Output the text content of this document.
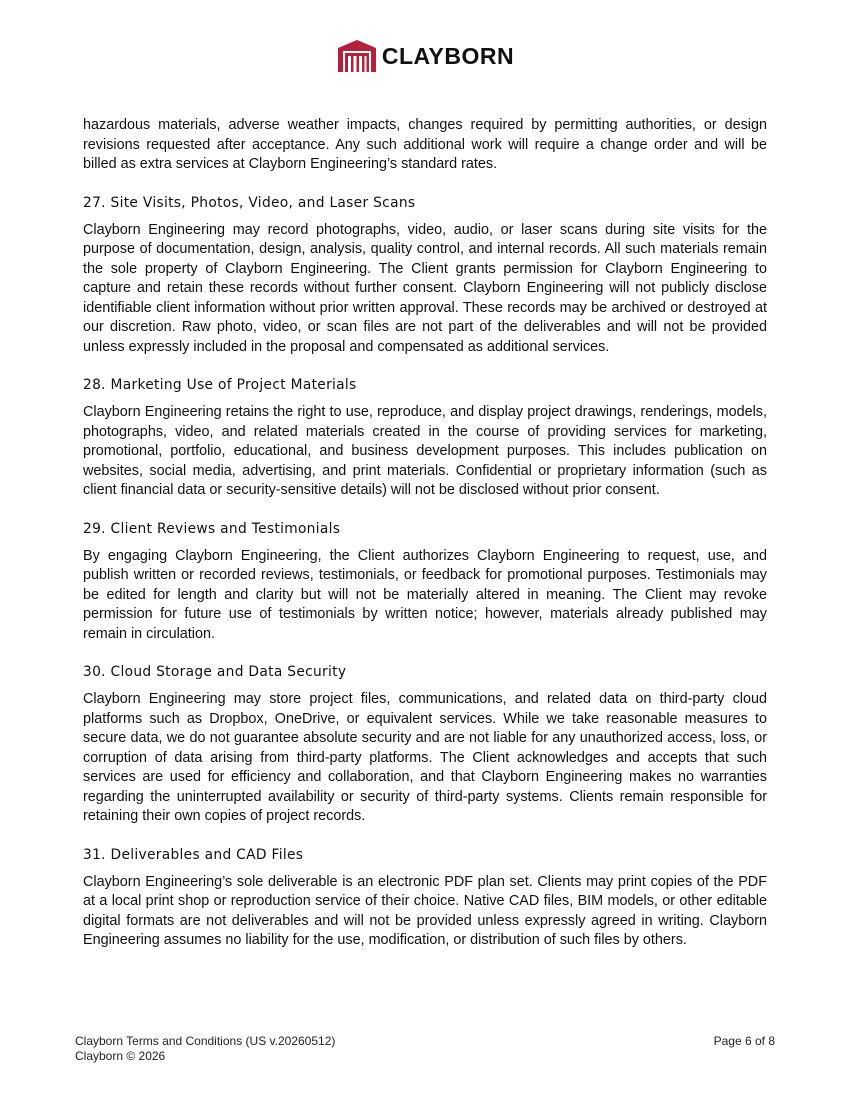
CLAYBORN

hazardous materials, adverse weather impacts, changes required by permitting authorities, or design revisions requested after acceptance. Any such additional work will require a change order and will be billed as extra services at Clayborn Engineering’s standard rates.

27. Site Visits, Photos, Video, and Laser Scans

Clayborn Engineering may record photographs, video, audio, or laser scans during site visits for the purpose of documentation, design, analysis, quality control, and internal records. All such materials remain the sole property of Clayborn Engineering. The Client grants permission for Clayborn Engineering to capture and retain these records without further consent. Clayborn Engineering will not publicly disclose identifiable client information without prior written approval. These records may be archived or destroyed at our discretion. Raw photo, video, or scan files are not part of the deliverables and will not be provided unless expressly included in the proposal and compensated as additional services.

28. Marketing Use of Project Materials

Clayborn Engineering retains the right to use, reproduce, and display project drawings, renderings, models, photographs, video, and related materials created in the course of providing services for marketing, promotional, portfolio, educational, and business development purposes. This includes publication on websites, social media, advertising, and print materials. Confidential or proprietary information (such as client financial data or security-sensitive details) will not be disclosed without prior consent.

29. Client Reviews and Testimonials

By engaging Clayborn Engineering, the Client authorizes Clayborn Engineering to request, use, and publish written or recorded reviews, testimonials, or feedback for promotional purposes. Testimonials may be edited for length and clarity but will not be materially altered in meaning. The Client may revoke permission for future use of testimonials by written notice; however, materials already published may remain in circulation.

30. Cloud Storage and Data Security

Clayborn Engineering may store project files, communications, and related data on third-party cloud platforms such as Dropbox, OneDrive, or equivalent services. While we take reasonable measures to secure data, we do not guarantee absolute security and are not liable for any unauthorized access, loss, or corruption of data arising from third-party platforms. The Client acknowledges and accepts that such services are used for efficiency and collaboration, and that Clayborn Engineering makes no warranties regarding the uninterrupted availability or security of third-party systems. Clients remain responsible for retaining their own copies of project records.

31. Deliverables and CAD Files

Clayborn Engineering’s sole deliverable is an electronic PDF plan set. Clients may print copies of the PDF at a local print shop or reproduction service of their choice. Native CAD files, BIM models, or other editable digital formats are not deliverables and will not be provided unless expressly agreed in writing. Clayborn Engineering assumes no liability for the use, modification, or distribution of such files by others.

Clayborn Terms and Conditions (US v.20260512)
Clayborn © 2026
Page 6 of 8
